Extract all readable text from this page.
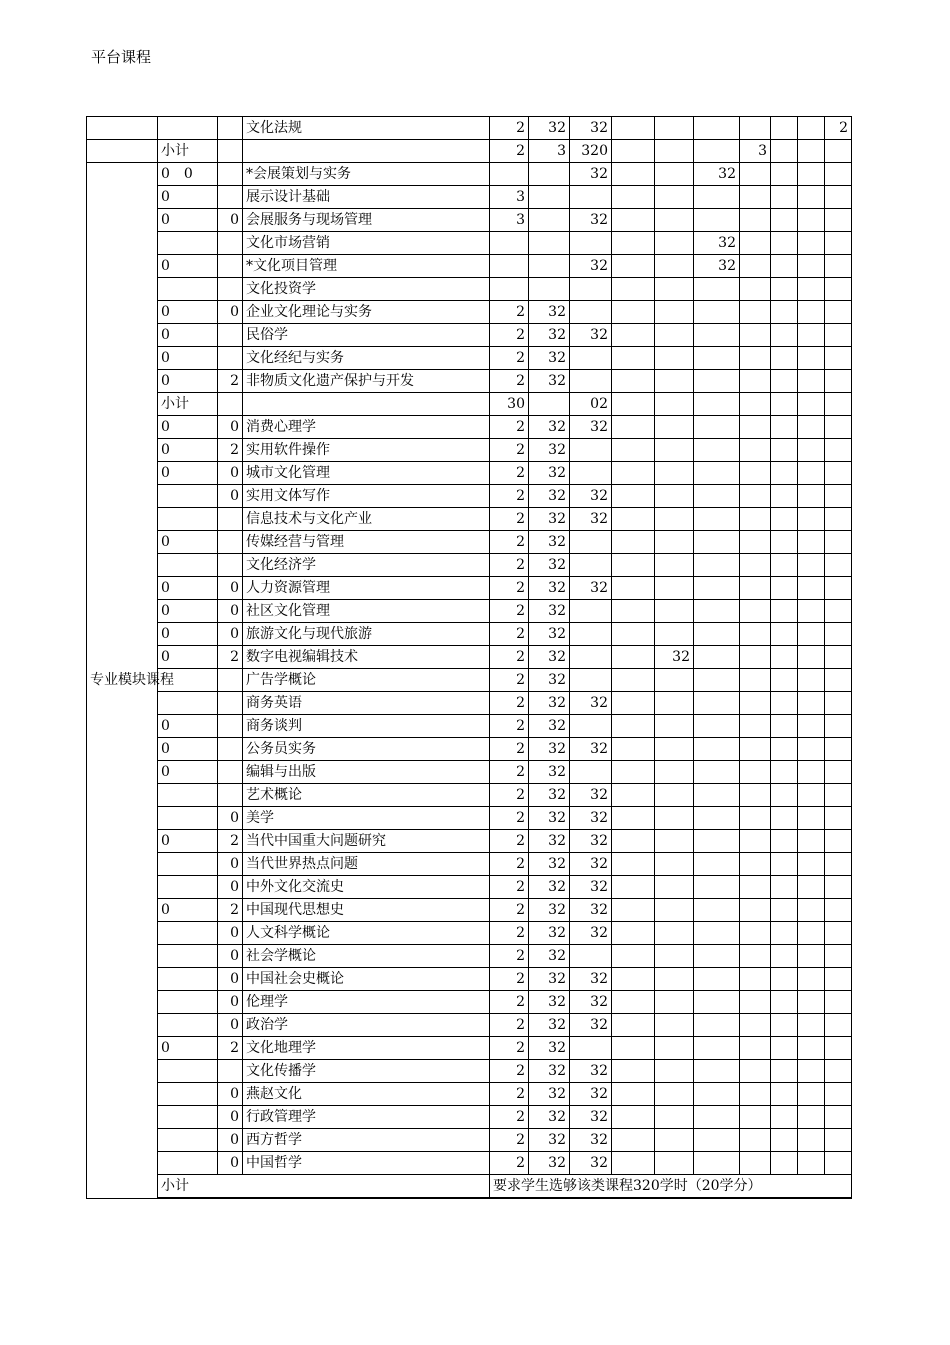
平台课程
			文化法规	2	32	32							2
	小计			2	3	320				3			
专业模块课程	0　0		*会展策划与实务			32			32				
	0		展示设计基础	3									
	0	0	会展服务与现场管理	3		32							
			文化市场营销						32				
	0		*文化项目管理			32			32				
			文化投资学										
	0	0	企业文化理论与实务	2	32								
	0		民俗学	2	32	32							
	0		文化经纪与实务	2	32								
	0	2	非物质文化遗产保护与开发	2	32								
	小计			30		02							
	0	0	消费心理学	2	32	32							
	0	2	实用软件操作	2	32								
	0	0	城市文化管理	2	32								
		0	实用文体写作	2	32	32							
			信息技术与文化产业	2	32	32							
	0		传媒经营与管理	2	32								
			文化经济学	2	32								
	0	0	人力资源管理	2	32	32							
	0	0	社区文化管理	2	32								
	0	0	旅游文化与现代旅游	2	32								
	0	2	数字电视编辑技术	2	32			32					
			广告学概论	2	32								
			商务英语	2	32	32							
	0		商务谈判	2	32								
	0		公务员实务	2	32	32							
	0		编辑与出版	2	32								
			艺术概论	2	32	32							
		0	美学	2	32	32							
	0	2	当代中国重大问题研究	2	32	32							
		0	当代世界热点问题	2	32	32							
		0	中外文化交流史	2	32	32							
	0	2	中国现代思想史	2	32	32							
		0	人文科学概论	2	32	32							
		0	社会学概论	2	32								
		0	中国社会史概论	2	32	32							
		0	伦理学	2	32	32							
		0	政治学	2	32	32							
	0	2	文化地理学	2	32								
			文化传播学	2	32	32							
		0	燕赵文化	2	32	32							
		0	行政管理学	2	32	32							
		0	西方哲学	2	32	32							
		0	中国哲学	2	32	32							
	小计			要求学生选够该类课程320学时（20学分）									
